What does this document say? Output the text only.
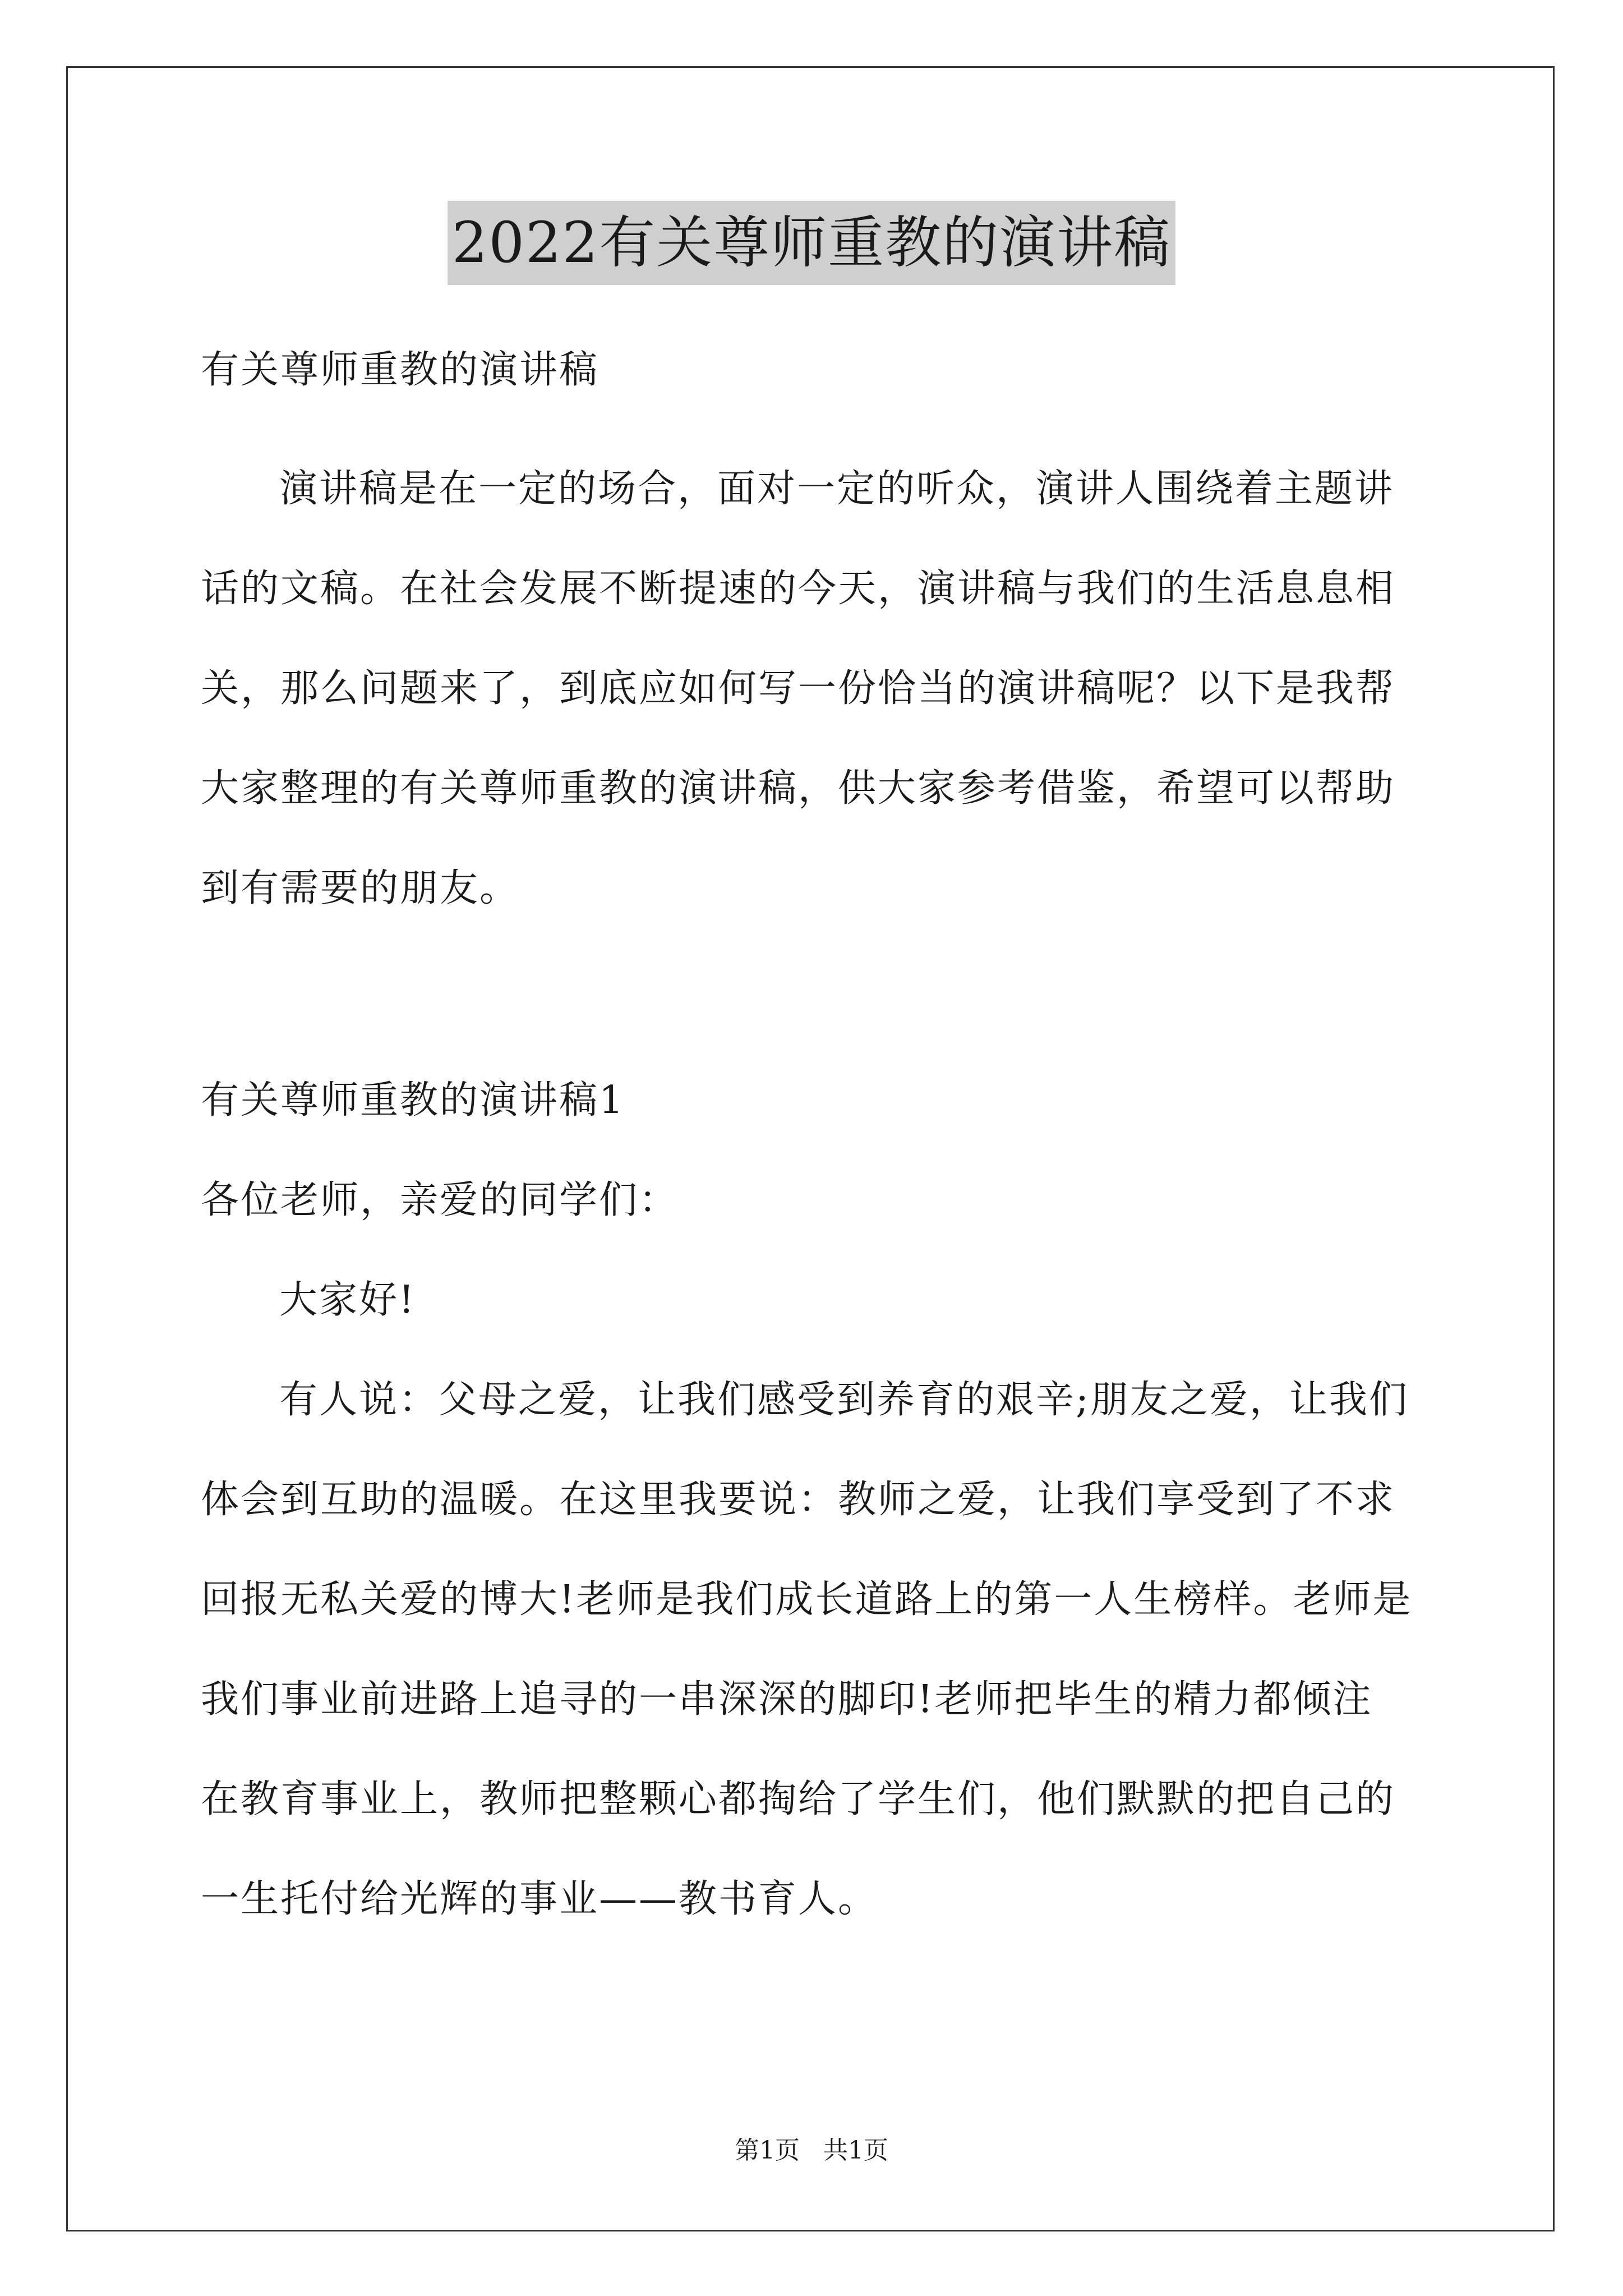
2022有关尊师重教的演讲稿
有关尊师重教的演讲稿
演讲稿是在一定的场合，面对一定的听众，演讲人围绕着主题讲
话的文稿。在社会发展不断提速的今天，演讲稿与我们的生活息息相
关，那么问题来了，到底应如何写一份恰当的演讲稿呢？以下是我帮
大家整理的有关尊师重教的演讲稿，供大家参考借鉴，希望可以帮助
到有需要的朋友。
有关尊师重教的演讲稿1
各位老师，亲爱的同学们：
大家好!
有人说：父母之爱，让我们感受到养育的艰辛;朋友之爱，让我们
体会到互助的温暖。在这里我要说：教师之爱，让我们享受到了不求
回报无私关爱的博大!老师是我们成长道路上的第一人生榜样。老师是
我们事业前进路上追寻的一串深深的脚印!老师把毕生的精力都倾注
在教育事业上，教师把整颗心都掏给了学生们，他们默默的把自己的
一生托付给光辉的事业——教书育人。
第1页 共1页
